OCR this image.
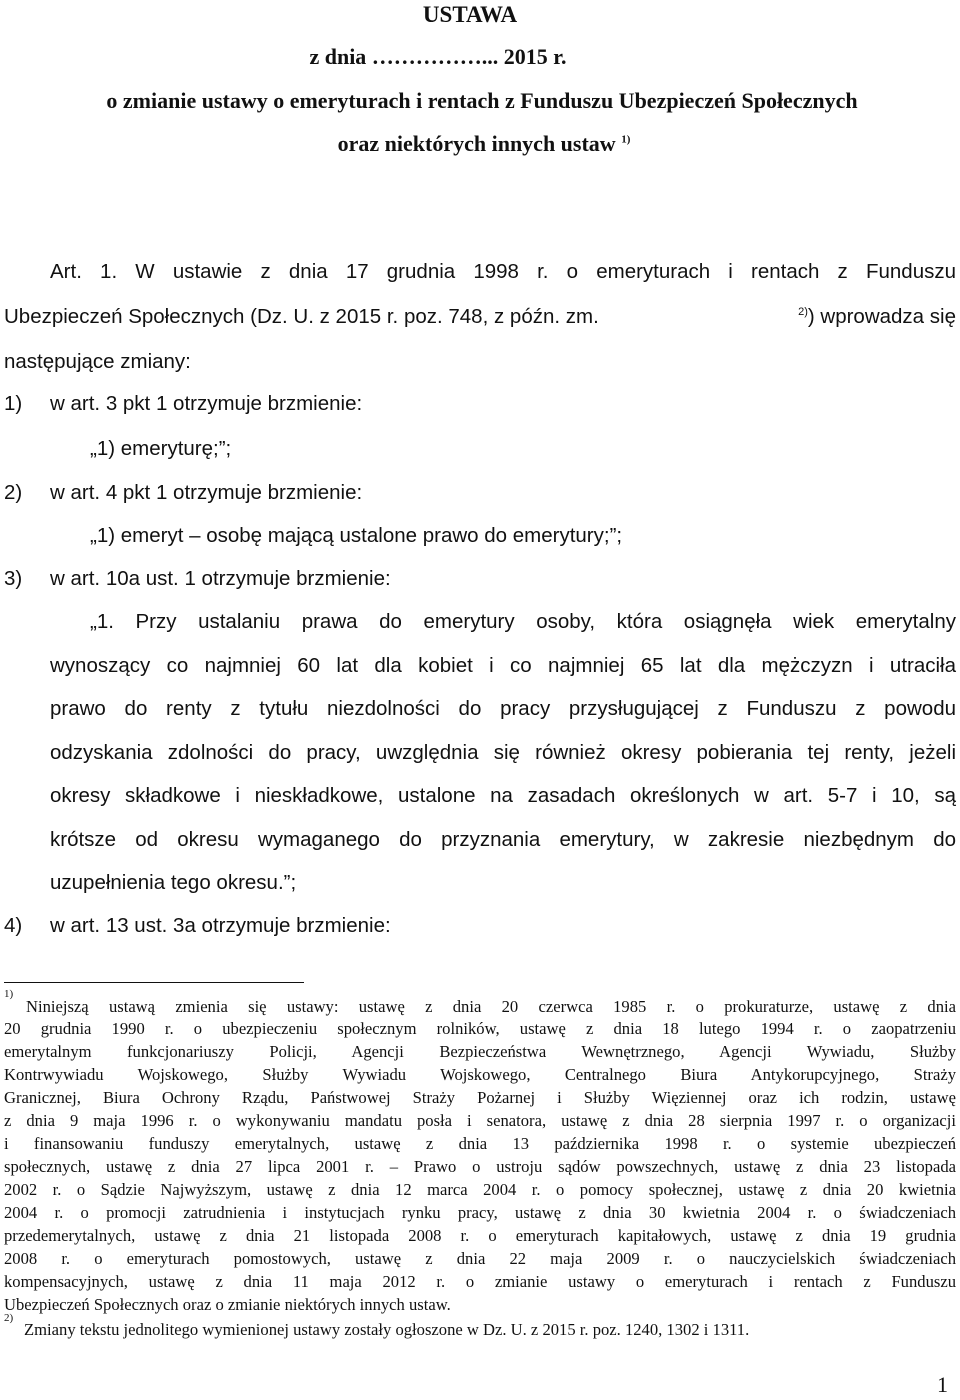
USTAWA
z dnia ……………... 2015 r.
o zmianie ustawy o emeryturach i rentach z Funduszu Ubezpieczeń Społecznych
oraz niektórych innych ustaw $^{1)}$
Art. 1. W ustawie z dnia 17 grudnia 1998 r. o emeryturach i rentach z Funduszu
Ubezpieczeń Społecznych (Dz. U. z 2015 r. poz. 748, z późn. zm.	$^{2)}$) wprowadza się
następujące zmiany:
1) w art. 3 pkt 1 otrzymuje brzmienie:
„1) emeryturę;”;
2) w art. 4 pkt 1 otrzymuje brzmienie:
„1) emeryt – osobę mającą ustalone prawo do emerytury;”;
3) w art. 10a ust. 1 otrzymuje brzmienie:
„1. Przy ustalaniu prawa do emerytury osoby, która osiągnęła wiek emerytalny
wynoszący co najmniej 60 lat dla kobiet i co najmniej 65 lat dla mężczyzn i utraciła
prawo do renty z tytułu niezdolności do pracy przysługującej z Funduszu z powodu
odzyskania zdolności do pracy, uwzględnia się również okresy pobierania tej renty, jeżeli
okresy składkowe i nieskładkowe, ustalone na zasadach określonych w art. 5-7 i 10, są
krótsze od okresu wymaganego do przyznania emerytury, w zakresie niezbędnym do
uzupełnienia tego okresu.”;
4) w art. 13 ust. 3a otrzymuje brzmienie:
1)
Niniejszą ustawą zmienia się ustawy: ustawę z dnia 20 czerwca 1985 r. o prokuraturze, ustawę z dnia
20 grudnia 1990 r. o ubezpieczeniu społecznym rolników, ustawę z dnia 18 lutego 1994 r. o zaopatrzeniu
emerytalnym funkcjonariuszy Policji, Agencji Bezpieczeństwa Wewnętrznego, Agencji Wywiadu, Służby
Kontrwywiadu Wojskowego, Służby Wywiadu Wojskowego, Centralnego Biura Antykorupcyjnego, Straży
Granicznej, Biura Ochrony Rządu, Państwowej Straży Pożarnej i Służby Więziennej oraz ich rodzin, ustawę
z dnia 9 maja 1996 r. o wykonywaniu mandatu posła i senatora, ustawę z dnia 28 sierpnia 1997 r. o organizacji
i finansowaniu funduszy emerytalnych, ustawę z dnia 13 października 1998 r. o systemie ubezpieczeń
społecznych, ustawę z dnia 27 lipca 2001 r. – Prawo o ustroju sądów powszechnych, ustawę z dnia 23 listopada
2002 r. o Sądzie Najwyższym, ustawę z dnia 12 marca 2004 r. o pomocy społecznej, ustawę z dnia 20 kwietnia
2004 r. o promocji zatrudnienia i instytucjach rynku pracy, ustawę z dnia 30 kwietnia 2004 r. o świadczeniach
przedemerytalnych, ustawę z dnia 21 listopada 2008 r. o emeryturach kapitałowych, ustawę z dnia 19 grudnia
2008 r. o emeryturach pomostowych, ustawę z dnia 22 maja 2009 r. o nauczycielskich świadczeniach
kompensacyjnych, ustawę z dnia 11 maja 2012 r. o zmianie ustawy o emeryturach i rentach z Funduszu
Ubezpieczeń Społecznych oraz o zmianie niektórych innych ustaw.
2)
Zmiany tekstu jednolitego wymienionej ustawy zostały ogłoszone w Dz. U. z 2015 r. poz. 1240, 1302 i 1311.
1
